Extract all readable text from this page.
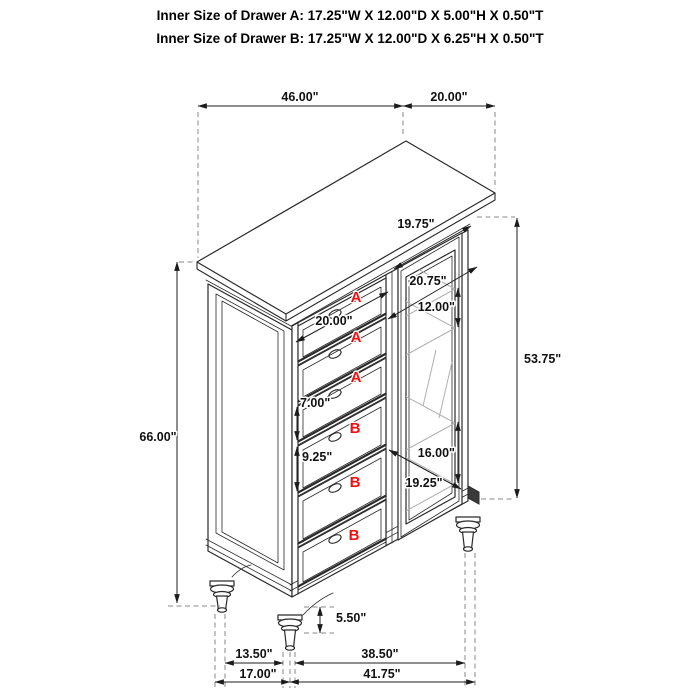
Inner Size of Drawer A: 17.25"W X 12.00"D X 5.00"H X 0.50"T
Inner Size of Drawer B: 17.25"W X 12.00"D X 6.25"H X 0.50"T
46.00"	20.00"
66.00"
53.75"
19.75"
20.75"
12.00"
16.00"
19.25"
20.00"
7.00"
9.25"
5.50"
13.50"	38.50"
17.00"	41.75"
A
A
A
B
B
B
